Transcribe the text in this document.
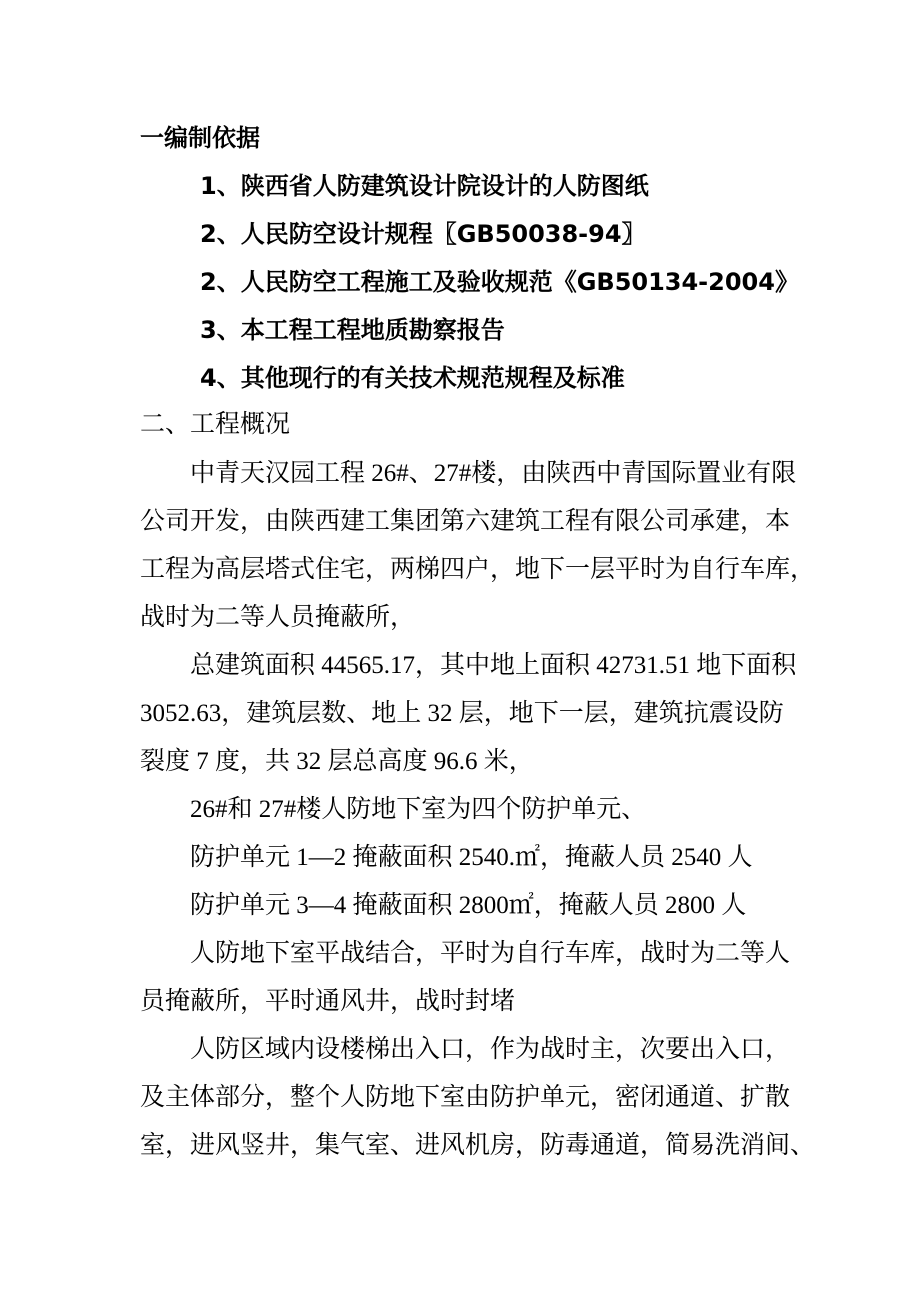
一编制依据
1、陕西省人防建筑设计院设计的人防图纸
2、人民防空设计规程〖GB50038-94〗
2、人民防空工程施工及验收规范《GB50134-2004》
3、本工程工程地质勘察报告
4、其他现行的有关技术规范规程及标准
二、工程概况
中青天汉园工程 26#、27#楼，由陕西中青国际置业有限
公司开发，由陕西建工集团第六建筑工程有限公司承建，本
工程为高层塔式住宅，两梯四户，地下一层平时为自行车库，
战时为二等人员掩蔽所，
总建筑面积 44565.17，其中地上面积 42731.51 地下面积
3052.63，建筑层数、地上 32 层，地下一层，建筑抗震设防
裂度 7 度，共 32 层总高度 96.6 米，
26#和 27#楼人防地下室为四个防护单元、
防护单元 1—2 掩蔽面积 2540.㎡，掩蔽人员 2540 人
防护单元 3—4 掩蔽面积 2800㎡，掩蔽人员 2800 人
人防地下室平战结合，平时为自行车库，战时为二等人
员掩蔽所，平时通风井，战时封堵
人防区域内设楼梯出入口，作为战时主，次要出入口，
及主体部分，整个人防地下室由防护单元，密闭通道、扩散
室，进风竖井，集气室、进风机房，防毒通道，简易洗消间、
